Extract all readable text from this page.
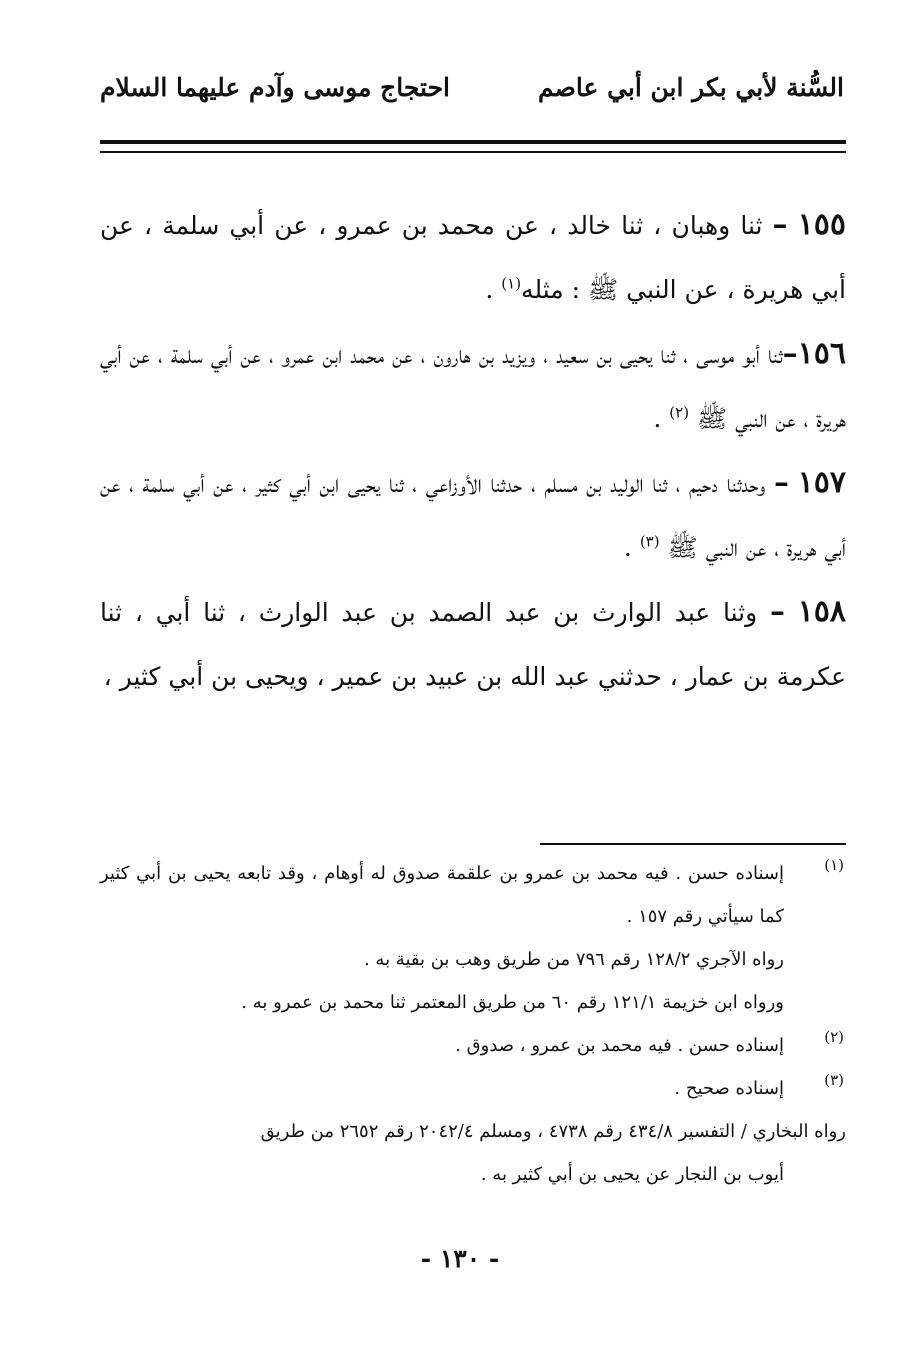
السُّنة لأبي بكر ابن أبي عاصم
احتجاج موسى وآدم عليهما السلام

١٥٥ – ثنا وهبان ، ثنا خالد ، عن محمد بن عمرو ، عن أبي سلمة ، عن أبي هريرة ، عن النبي ﷺ : مثله$^{(١)}$ .

١٥٦–ثنا أبو موسى ، ثنا يحيى بن سعيد ، ويزيد بن هارون ، عن محمد ابن عمرو ، عن أبي سلمة ، عن أبي هريرة ، عن النبي ﷺ $^{(٢)}$ .

١٥٧ – وحدثنا دحيم ، ثنا الوليد بن مسلم ، حدثنا الأوزاعي ، ثنا يحيى ابن أبي كثير ، عن أبي سلمة ، عن أبي هريرة ، عن النبي ﷺ $^{(٣)}$ .

١٥٨ – وثنا عبد الوارث بن عبد الصمد بن عبد الوارث ، ثنا أبي ، ثنا عكرمة بن عمار ، حدثني عبد الله بن عبيد بن عمير ، ويحيى بن أبي كثير ،

(١)
إسناده حسن . فيه محمد بن عمرو بن علقمة صدوق له أوهام ، وقد تابعه يحيى بن أبي كثير كما سيأتي رقم ١٥٧ .
رواه الآجري ١٢٨/٢ رقم ٧٩٦ من طريق وهب بن بقية به .
ورواه ابن خزيمة ١٢١/١ رقم ٦٠ من طريق المعتمر ثنا محمد بن عمرو به .
(٢)
إسناده حسن . فيه محمد بن عمرو ، صدوق .
(٣)
إسناده صحيح .
رواه البخاري / التفسير ٤٣٤/٨ رقم ٤٧٣٨ ، ومسلم ٢٠٤٢/٤ رقم ٢٦٥٢ من طريق
أيوب بن النجار عن يحيى بن أبي كثير به .
- ١٣٠ -
